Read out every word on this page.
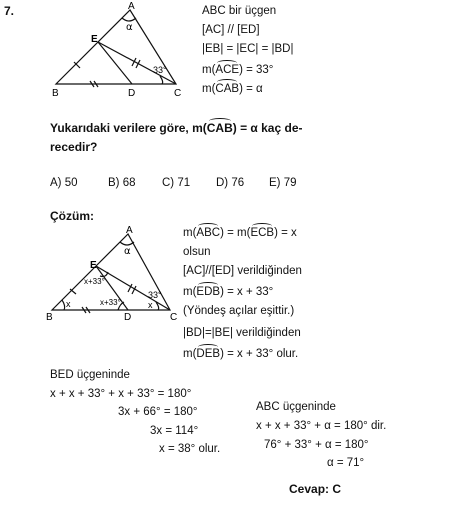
7.	A
E
B	D	C
α
33°
ABC bir üçgen
[AC] // [ED]
|EB| = |EC| = |BD|
m(ACE) = 33°
m(CAB) = α
Yukarıdaki verilere göre, m(CAB) = α kaç de-
recedir?
A) 50	B) 68 C) 71 D) 76 E) 79
Çözüm:
A
E
B	D	C
α
x+33°
x	x+33°
33°
x
m(ABC) = m(ECB) = x
olsun
[AC]//[ED] verildiğinden
m(EDB) = x + 33°
(Yöndeş açılar eşittir.)
|BD|=|BE| verildiğinden
m(DEB) = x + 33° olur.
BED üçgeninde
x + x + 33° + x + 33° = 180°
3x + 66° = 180°
3x = 114°
x = 38° olur.
ABC üçgeninde
x + x + 33° + α = 180° dir.
76° + 33° + α = 180°
α = 71°
Cevap: C
